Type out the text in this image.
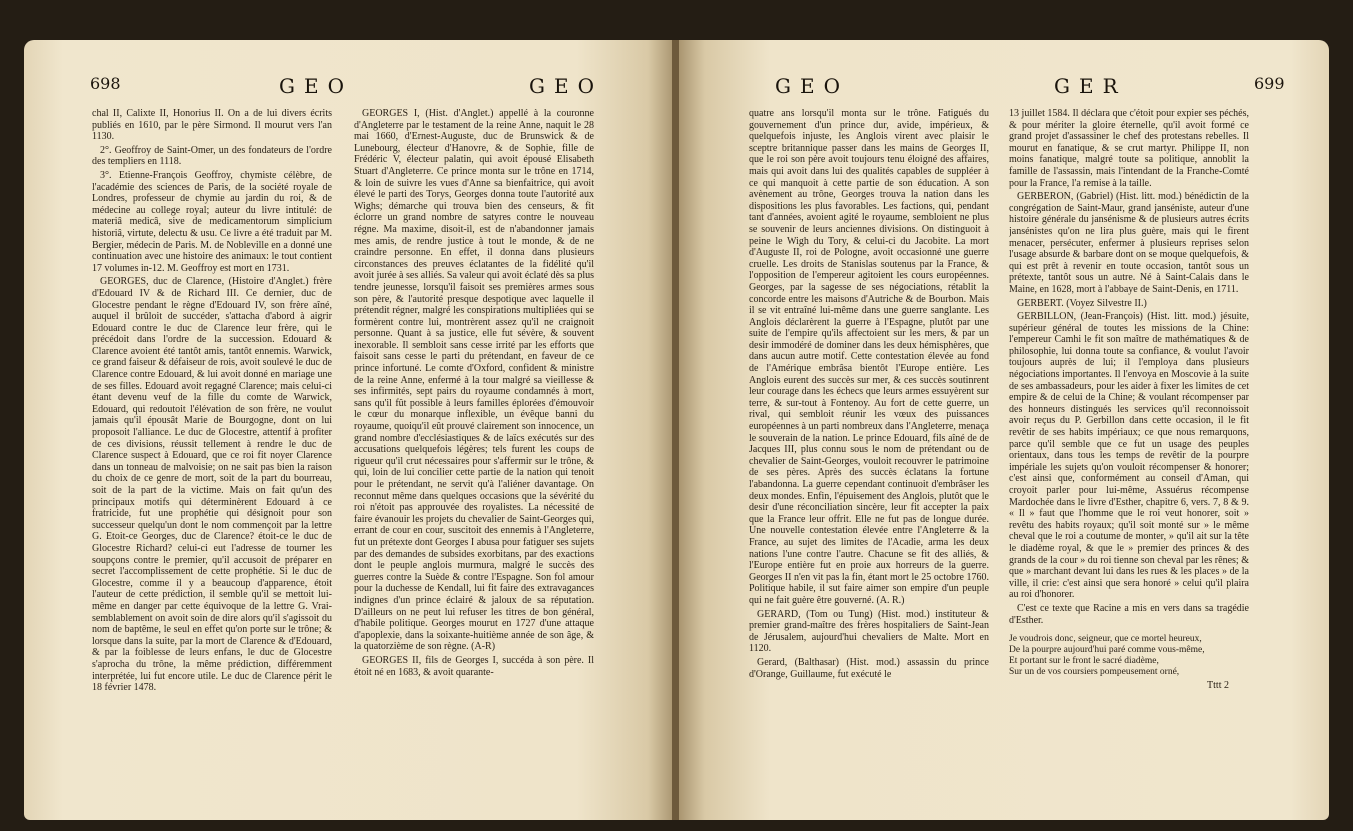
698	GEO	GEO

chal II, Calixte II, Honorius II. On a de lui divers écrits publiés en 1610, par le père Sirmond. Il mourut vers l'an 1130.

2°. Geoffroy de Saint-Omer, un des fondateurs de l'ordre des templiers en 1118.

3°. Etienne-François Geoffroy, chymiste célèbre, de l'académie des sciences de Paris, de la société royale de Londres, professeur de chymie au jardin du roi, & de médecine au college royal; auteur du livre intitulé: de materiâ medicâ, sive de medicamentorum simplicium historiâ, virtute, delectu & usu. Ce livre a été traduit par M. Bergier, médecin de Paris. M. de Nobleville en a donné une continuation avec une histoire des animaux: le tout contient 17 volumes in-12. M. Geoffroy est mort en 1731.

GEORGES, duc de Clarence, (Histoire d'Anglet.) frère d'Edouard IV & de Richard III. Ce dernier, duc de Glocestre pendant le règne d'Edouard IV, son frère aîné, auquel il brûloit de succéder, s'attacha d'abord à aigrir Edouard contre le duc de Clarence leur frère, qui le précédoit dans l'ordre de la succession. Edouard & Clarence avoient été tantôt amis, tantôt ennemis. Warwick, ce grand faiseur & défaiseur de rois, avoit soulevé le duc de Clarence contre Edouard, & lui avoit donné en mariage une de ses filles. Edouard avoit regagné Clarence; mais celui-ci étant devenu veuf de la fille du comte de Warwick, Edouard, qui redoutoit l'élévation de son frère, ne voulut jamais qu'il épousât Marie de Bourgogne, dont on lui proposoit l'alliance. Le duc de Glocestre, attentif à profiter de ces divisions, réussit tellement à rendre le duc de Clarence suspect à Edouard, que ce roi fit noyer Clarence dans un tonneau de malvoisie; on ne sait pas bien la raison du choix de ce genre de mort, soit de la part du bourreau, soit de la part de la victime. Mais on fait qu'un des principaux motifs qui déterminèrent Edouard à ce fratricide, fut une prophétie qui désignoit pour son successeur quelqu'un dont le nom commençoit par la lettre G. Etoit-ce Georges, duc de Clarence? étoit-ce le duc de Glocestre Richard? celui-ci eut l'adresse de tourner les soupçons contre le premier, qu'il accusoit de préparer en secret l'accomplissement de cette prophétie. Si le duc de Glocestre, comme il y a beaucoup d'apparence, étoit l'auteur de cette prédiction, il semble qu'il se mettoit lui-même en danger par cette équivoque de la lettre G. Vrai-semblablement on avoit soin de dire alors qu'il s'agissoit du nom de baptême, le seul en effet qu'on porte sur le trône; & lorsque dans la suite, par la mort de Clarence & d'Edouard, & par la foiblesse de leurs enfans, le duc de Glocestre s'aprocha du trône, la même prédiction, différemment interprétée, lui fut encore utile. Le duc de Clarence périt le 18 février 1478.

GEORGES I, (Hist. d'Anglet.) appellé à la couronne d'Angleterre par le testament de la reine Anne, naquit le 28 mai 1660, d'Ernest-Auguste, duc de Brunswick & de Lunebourg, électeur d'Hanovre, & de Sophie, fille de Frédéric V, électeur palatin, qui avoit épousé Elisabeth Stuart d'Angleterre. Ce prince monta sur le trône en 1714, & loin de suivre les vues d'Anne sa bienfaitrice, qui avoit élevé le parti des Torys, Georges donna toute l'autorité aux Wighs; démarche qui trouva bien des censeurs, & fit éclorre un grand nombre de satyres contre le nouveau régne. Ma maxime, disoit-il, est de n'abandonner jamais mes amis, de rendre justice à tout le monde, & de ne craindre personne. En effet, il donna dans plusieurs circonstances des preuves éclatantes de la fidélité qu'il avoit jurée à ses alliés. Sa valeur qui avoit éclaté dès sa plus tendre jeunesse, lorsqu'il faisoit ses premières armes sous son père, & l'autorité presque despotique avec laquelle il prétendit régner, malgré les conspirations multipliées qui se formèrent contre lui, montrèrent assez qu'il ne craignoit personne. Quant à sa justice, elle fut sévère, & souvent inexorable. Il sembloit sans cesse irrité par les efforts que faisoit sans cesse le parti du prétendant, en faveur de ce prince infortuné. Le comte d'Oxford, confident & ministre de la reine Anne, enfermé à la tour malgré sa vieillesse & ses infirmités, sept pairs du royaume condamnés à mort, sans qu'il fût possible à leurs familles éplorées d'émouvoir le cœur du monarque inflexible, un évêque banni du royaume, quoiqu'il eût prouvé clairement son innocence, un grand nombre d'ecclésiastiques & de laïcs exécutés sur des accusations quelquefois légères; tels furent les coups de rigueur qu'il crut nécessaires pour s'affermir sur le trône, & qui, loin de lui concilier cette partie de la nation qui tenoit pour le prétendant, ne servit qu'à l'aliéner davantage. On reconnut même dans quelques occasions que la sévérité du roi n'étoit pas approuvée des royalistes. La nécessité de faire évanouir les projets du chevalier de Saint-Georges qui, errant de cour en cour, suscitoit des ennemis à l'Angleterre, fut un prétexte dont Georges I abusa pour fatiguer ses sujets par des demandes de subsides exorbitans, par des exactions dont le peuple anglois murmura, malgré le succès des guerres contre la Suède & contre l'Espagne. Son fol amour pour la duchesse de Kendall, lui fit faire des extravagances indignes d'un prince éclairé & jaloux de sa réputation. D'ailleurs on ne peut lui refuser les titres de bon général, d'habile politique. Georges mourut en 1727 d'une attaque d'apoplexie, dans la soixante-huitième année de son âge, & la quatorzième de son règne. (A-R)

GEORGES II, fils de Georges I, succéda à son père. Il étoit né en 1683, & avoit quarante-

GEO	GER	699

quatre ans lorsqu'il monta sur le trône. Fatigués du gouvernement d'un prince dur, avide, impérieux, & quelquefois injuste, les Anglois virent avec plaisir le sceptre britannique passer dans les mains de Georges II, que le roi son père avoit toujours tenu éloigné des affaires, mais qui avoit dans lui des qualités capables de suppléer à ce qui manquoit à cette partie de son éducation. A son avènement au trône, Georges trouva la nation dans les dispositions les plus favorables. Les factions, qui, pendant tant d'années, avoient agité le royaume, sembloient ne plus se souvenir de leurs anciennes divisions. On distinguoit à peine le Wigh du Tory, & celui-ci du Jacobite. La mort d'Auguste II, roi de Pologne, avoit occasionné une guerre cruelle. Les droits de Stanislas soutenus par la France, & l'opposition de l'empereur agitoient les cours européennes. Georges, par la sagesse de ses négociations, rétablit la concorde entre les maisons d'Autriche & de Bourbon. Mais il se vit entraîné lui-même dans une guerre sanglante. Les Anglois déclarèrent la guerre à l'Espagne, plutôt par une suite de l'empire qu'ils affectoient sur les mers, & par un desir immodéré de dominer dans les deux hémisphères, que dans aucun autre motif. Cette contestation élevée au fond de l'Amérique embrâsa bientôt l'Europe entière. Les Anglois eurent des succès sur mer, & ces succès soutinrent leur courage dans les échecs que leurs armes essuyèrent sur terre, & sur-tout à Fontenoy. Au fort de cette guerre, un rival, qui sembloit réunir les vœux des puissances européennes à un parti nombreux dans l'Angleterre, menaça le souverain de la nation. Le prince Edouard, fils aîné de de Jacques III, plus connu sous le nom de prétendant ou de chevalier de Saint-Georges, vouloit recouvrer le patrimoine de ses pères. Après des succès éclatans la fortune l'abandonna. La guerre cependant continuoit d'embrâser les deux mondes. Enfin, l'épuisement des Anglois, plutôt que le desir d'une réconciliation sincère, leur fit accepter la paix que la France leur offrit. Elle ne fut pas de longue durée. Une nouvelle contestation élevée entre l'Angleterre & la France, au sujet des limites de l'Acadie, arma les deux nations l'une contre l'autre. Chacune se fit des alliés, & l'Europe entière fut en proie aux horreurs de la guerre. Georges II n'en vit pas la fin, étant mort le 25 octobre 1760. Politique habile, il sut faire aimer son empire d'un peuple qui ne fait guère être gouverné. (A. R.)

GERARD, (Tom ou Tung) (Hist. mod.) instituteur & premier grand-maître des frères hospitaliers de Saint-Jean de Jérusalem, aujourd'hui chevaliers de Malte. Mort en 1120.

Gerard, (Balthasar) (Hist. mod.) assassin du prince d'Orange, Guillaume, fut exécuté le

13 juillet 1584. Il déclara que c'étoit pour expier ses péchés, & pour mériter la gloire éternelle, qu'il avoit formé ce grand projet d'assassiner le chef des protestans rebelles. Il mourut en fanatique, & se crut martyr. Philippe II, non moins fanatique, malgré toute sa politique, annoblit la famille de l'assassin, mais l'intendant de la Franche-Comté pour la France, l'a remise à la taille.

GERBERON, (Gabriel) (Hist. litt. mod.) bénédictin de la congrégation de Saint-Maur, grand janséniste, auteur d'une histoire générale du jansénisme & de plusieurs autres écrits jansénistes qu'on ne lira plus guère, mais qui le firent menacer, persécuter, enfermer à plusieurs reprises selon l'usage absurde & barbare dont on se moque quelquefois, & qui est prêt à revenir en toute occasion, tantôt sous un prétexte, tantôt sous un autre. Né à Saint-Calais dans le Maine, en 1628, mort à l'abbaye de Saint-Denis, en 1711.

GERBERT. (Voyez Silvestre II.)

GERBILLON, (Jean-François) (Hist. litt. mod.) jésuite, supérieur général de toutes les missions de la Chine: l'empereur Camhi le fit son maître de mathématiques & de philosophie, lui donna toute sa confiance, & voulut l'avoir toujours auprès de lui; il l'employa dans plusieurs négociations importantes. Il l'envoya en Moscovie à la suite de ses ambassadeurs, pour les aider à fixer les limites de cet empire & de celui de la Chine; & voulant récompenser par des honneurs distingués les services qu'il reconnoissoit avoir reçus du P. Gerbillon dans cette occasion, il le fit revêtir de ses habits impériaux; ce que nous remarquons, parce qu'il semble que ce fut un usage des peuples orientaux, dans tous les temps de revêtir de la pourpre impériale les sujets qu'on vouloit récompenser & honorer; c'est ainsi que, conformément au conseil d'Aman, qui croyoit parler pour lui-même, Assuérus récompense Mardochée dans le livre d'Esther, chapitre 6, vers. 7, 8 & 9. « Il » faut que l'homme que le roi veut honorer, soit » revêtu des habits royaux; qu'il soit monté sur » le même cheval que le roi a coutume de monter, » qu'il ait sur la tête le diadème royal, & que le » premier des princes & des grands de la cour » du roi tienne son cheval par les rênes; & que » marchant devant lui dans les rues & les places » de la ville, il crie: c'est ainsi que sera honoré » celui qu'il plaira au roi d'honorer.

C'est ce texte que Racine a mis en vers dans sa tragédie d'Esther.

Je voudrois donc, seigneur, que ce mortel heureux,
De la pourpre aujourd'hui paré comme vous-même,
Et portant sur le front le sacré diadème,
Sur un de vos coursiers pompeusement orné,
Tttt 2
